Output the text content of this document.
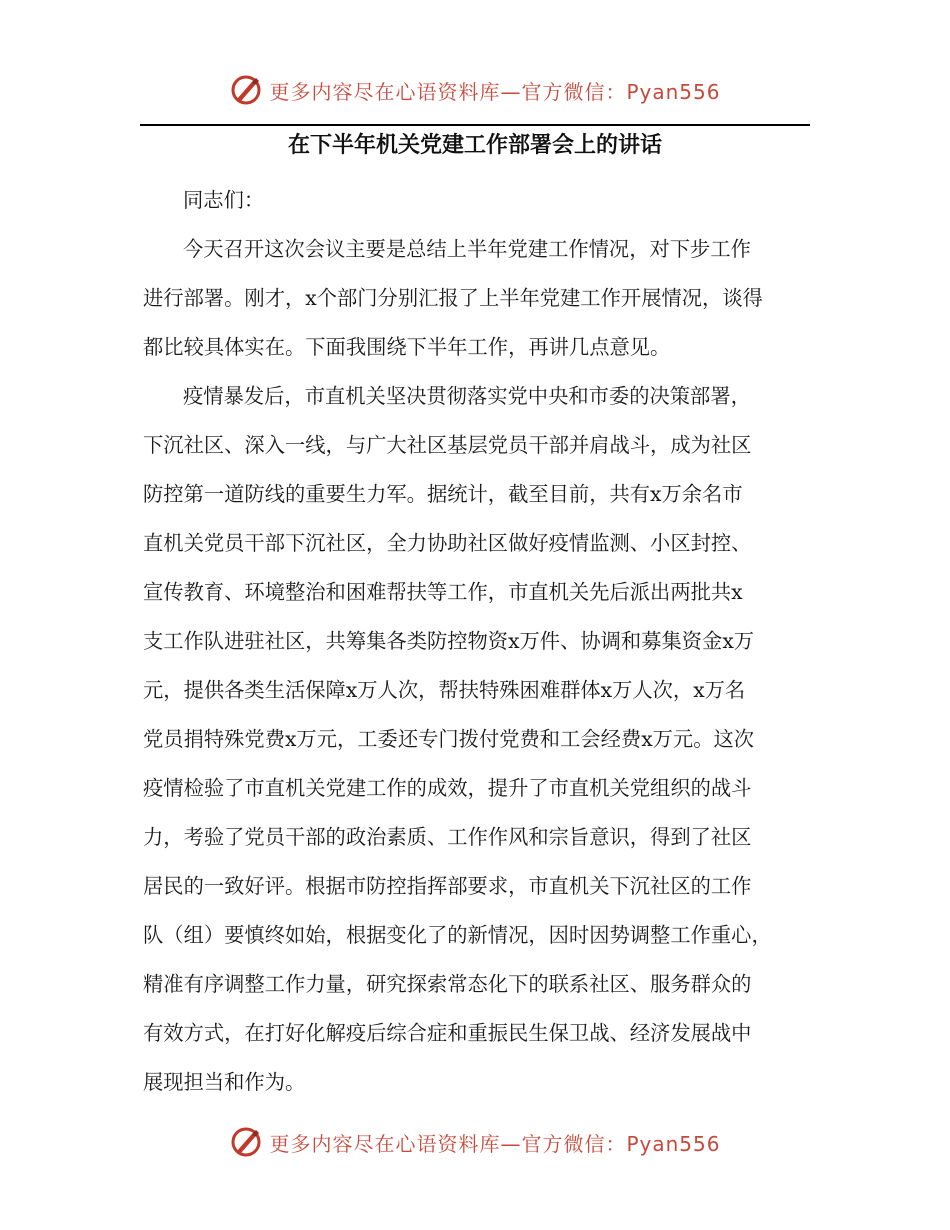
更多内容尽在心语资料库—官方微信：Pyan556
在下半年机关党建工作部署会上的讲话
同志们：
今天召开这次会议主要是总结上半年党建工作情况，对下步工作
进行部署。刚才，x个部门分别汇报了上半年党建工作开展情况，谈得
都比较具体实在。下面我围绕下半年工作，再讲几点意见。
疫情暴发后，市直机关坚决贯彻落实党中央和市委的决策部署，
下沉社区、深入一线，与广大社区基层党员干部并肩战斗，成为社区
防控第一道防线的重要生力军。据统计，截至目前，共有x万余名市
直机关党员干部下沉社区，全力协助社区做好疫情监测、小区封控、
宣传教育、环境整治和困难帮扶等工作，市直机关先后派出两批共x
支工作队进驻社区，共筹集各类防控物资x万件、协调和募集资金x万
元，提供各类生活保障x万人次，帮扶特殊困难群体x万人次，x万名
党员捐特殊党费x万元，工委还专门拨付党费和工会经费x万元。这次
疫情检验了市直机关党建工作的成效，提升了市直机关党组织的战斗
力，考验了党员干部的政治素质、工作作风和宗旨意识，得到了社区
居民的一致好评。根据市防控指挥部要求，市直机关下沉社区的工作
队（组）要慎终如始，根据变化了的新情况，因时因势调整工作重心，
精准有序调整工作力量，研究探索常态化下的联系社区、服务群众的
有效方式，在打好化解疫后综合症和重振民生保卫战、经济发展战中
展现担当和作为。
更多内容尽在心语资料库—官方微信：Pyan556
